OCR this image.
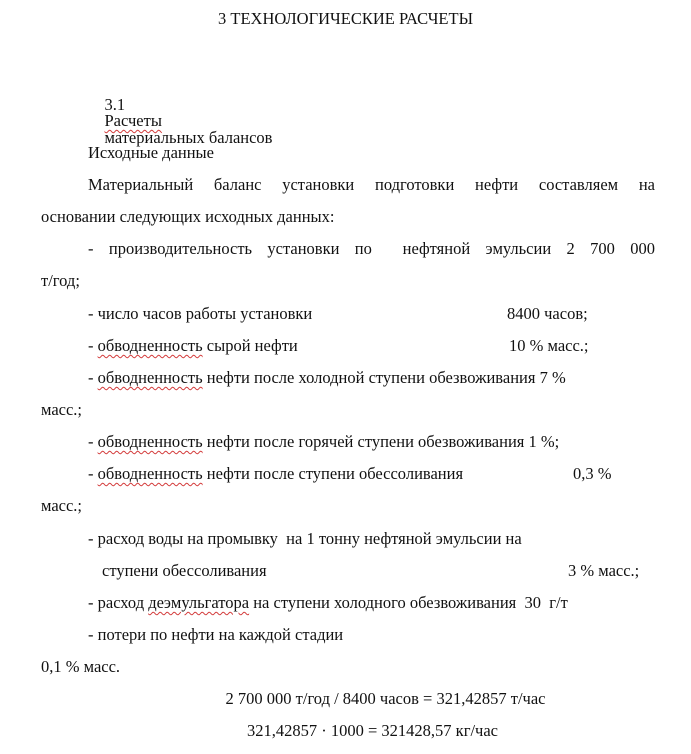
3 ТЕХНОЛОГИЧЕСКИЕ РАСЧЕТЫ

3.1
Расчеты
материальных балансов

Исходные данные
Материальный баланс установки подготовки нефти составляем на
основании следующих исходных данных:
- производительность установки по  нефтяной эмульсии 2 700 000
т/год;
- число часов работы установки	8400 часов;
- обводненность сырой нефти	10 % масс.;
- обводненность нефти после холодной ступени обезвоживания 7 %
масс.;
- обводненность нефти после горячей ступени обезвоживания 1 %;
- обводненность нефти после ступени обессоливания	0,3 %
масс.;
- расход воды на промывку  на 1 тонну нефтяной эмульсии на
ступени обессоливания	3 % масс.;
- расход деэмульгатора на ступени холодного обезвоживания  30  г/т
- потери по нефти на каждой стадии
0,1 % масс.
2 700 000 т/год / 8400 часов = 321,42857 т/час
321,42857 · 1000 = 321428,57 кг/час
